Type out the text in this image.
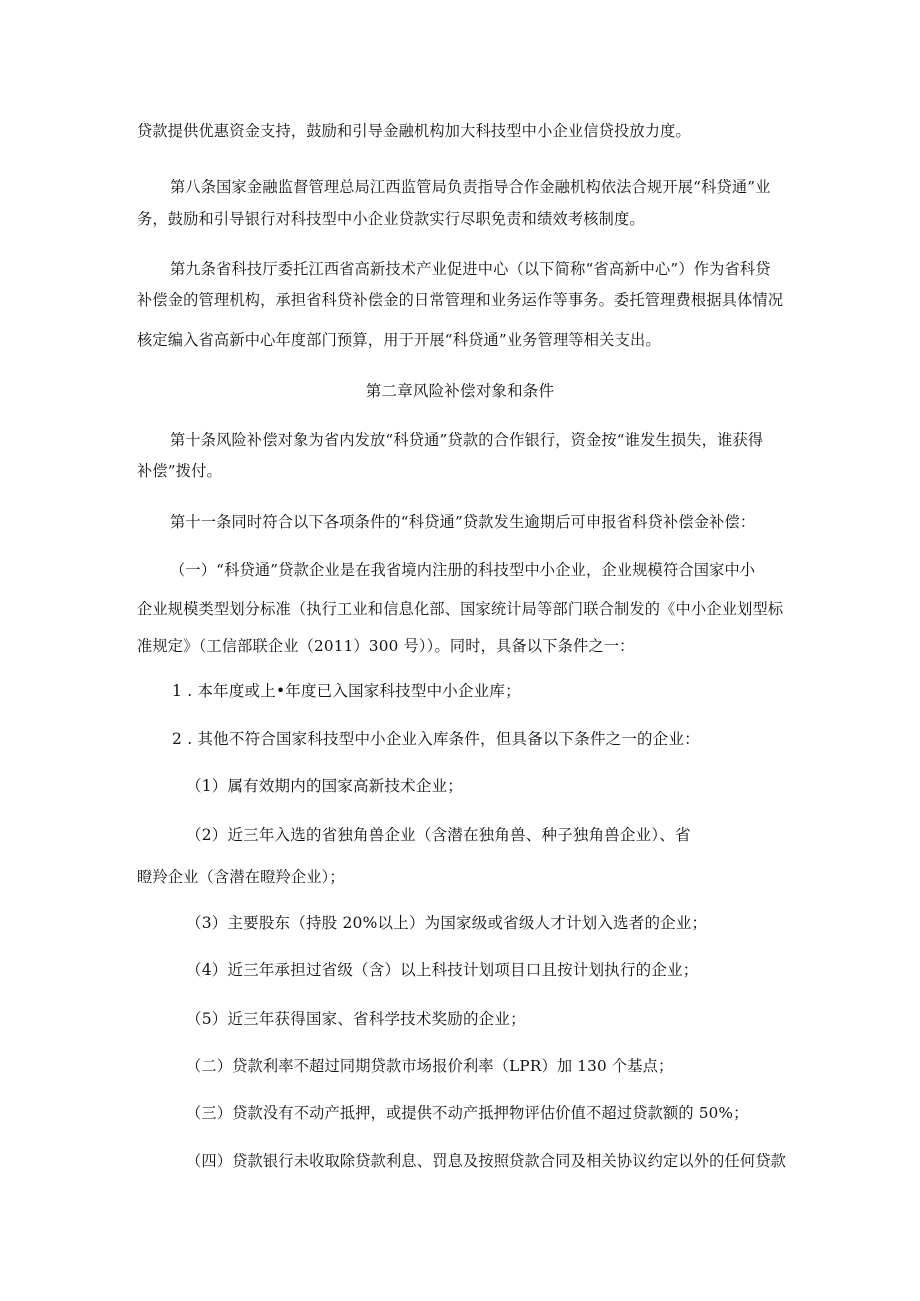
贷款提供优惠资金支持，鼓励和引导金融机构加大科技型中小企业信贷投放力度。
第八条国家金融监督管理总局江西监管局负责指导合作金融机构依法合规开展“科贷通”业
务，鼓励和引导银行对科技型中小企业贷款实行尽职免责和绩效考核制度。
第九条省科技厅委托江西省高新技术产业促进中心（以下简称“省高新中心”）作为省科贷
补偿金的管理机构，承担省科贷补偿金的日常管理和业务运作等事务。委托管理费根据具体情况
核定编入省高新中心年度部门预算，用于开展“科贷通”业务管理等相关支出。
第二章风险补偿对象和条件
第十条风险补偿对象为省内发放“科贷通”贷款的合作银行，资金按“谁发生损失，谁获得
补偿”拨付。
第十一条同时符合以下各项条件的“科贷通”贷款发生逾期后可申报省科贷补偿金补偿：
（一）“科贷通”贷款企业是在我省境内注册的科技型中小企业，企业规模符合国家中小
企业规模类型划分标准（执行工业和信息化部、国家统计局等部门联合制发的《中小企业划型标
准规定》（工信部联企业（2011）300 号））。同时，具备以下条件之一：
1 . 本年度或上•年度已入国家科技型中小企业库；
2 . 其他不符合国家科技型中小企业入库条件，但具备以下条件之一的企业：
（1）属有效期内的国家高新技术企业；
（2）近三年入选的省独角兽企业（含潜在独角兽、种子独角兽企业）、省
瞪羚企业（含潜在瞪羚企业）；
（3）主要股东（持股 20%以上）为国家级或省级人才计划入选者的企业；
（4）近三年承担过省级（含）以上科技计划项目口且按计划执行的企业；
（5）近三年获得国家、省科学技术奖励的企业；
（二）贷款利率不超过同期贷款市场报价利率（LPR）加 130 个基点；
（三）贷款没有不动产抵押，或提供不动产抵押物评估价值不超过贷款额的 50%；
（四）贷款银行未收取除贷款利息、罚息及按照贷款合同及相关协议约定以外的任何贷款
